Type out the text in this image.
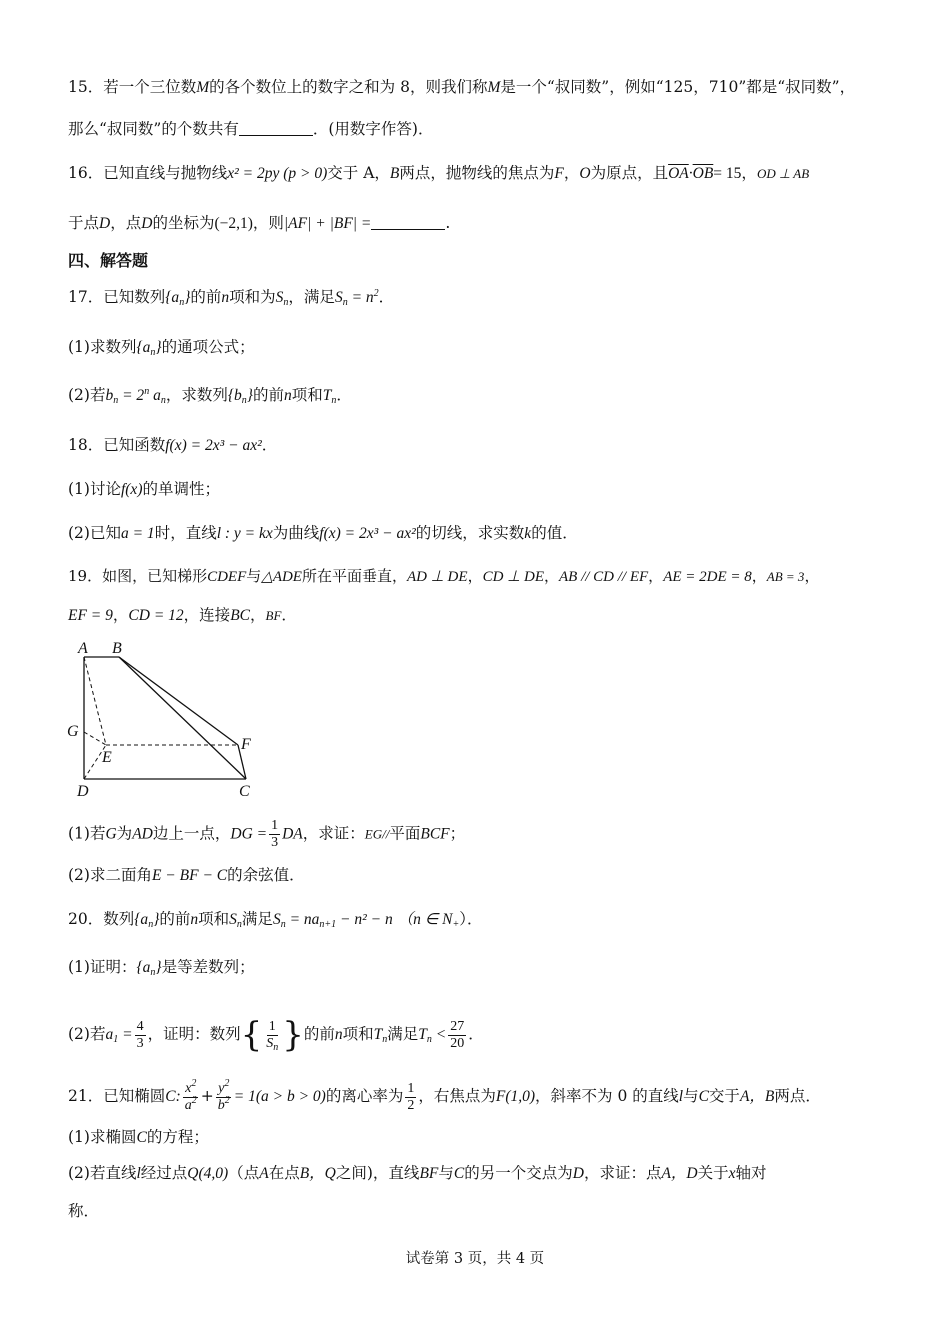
15．若一个三位数M的各个数位上的数字之和为 8，则我们称M是一个“叔同数”，例如“125，710”都是“叔同数”，
那么“叔同数”的个数共有	．(用数字作答)．
16．已知直线与抛物线x² = 2py (p > 0)交于 A，B两点，抛物线的焦点为F，O为原点，且$\overline{OA}\cdot\overline{OB}= 15$，OD ⊥ AB
于点D，点D的坐标为(−2,1)，则|AF| + |BF| =	.
四、解答题
17．已知数列$\{a_n\}$的前n项和为$S_n$，满足$S_n = n^2$．
(1)求数列$\{a_n\}$的通项公式；
(2)若$b_n = 2^n$ $a_n$，求数列$\{b_n\}$的前n项和$T_n$．
18．已知函数f(x) = 2x³ − ax²．
(1)讨论f(x)的单调性；
(2)已知a = 1时，直线l : y = kx为曲线f(x) = 2x³ − ax²的切线，求实数k的值．
19．如图，已知梯形CDEF与△ADE所在平面垂直，AD ⊥ DE，CD ⊥ DE，AB // CD // EF，AE = 2DE = 8，AB = 3，
EF = 9，CD = 12，连接BC，BF．
A B
G
E
F
D	C
(1)若G为AD边上一点，DG = $\frac{1}{3}$ DA，求证：EG//平面BCF；
(2)求二面角E − BF − C的余弦值．
20．数列$\{a_n\}$的前n项和$S_n$满足$S_n = na_{n+1} - n^2 - n$ （n ∈ $N_+$）．
(1)证明：$\{a_n\}$是等差数列；
(2)若$a_1 = \frac{4}{3}$ ，证明：数列{ $\frac{1}{S_n}$ }的前n项和$T_n$满足$T_n < \frac{27}{20}$ ．
21．已知椭圆C: $\frac{x^2}{a^2} + \frac{y^2}{b^2} = 1(a > b > 0)$的离心率为 $\frac{1}{2}$ ，右焦点为F(1,0)，斜率不为 0 的直线l与C交于A，B两点．
(1)求椭圆C的方程；
(2)若直线l经过点Q(4,0)（点A在点B，Q之间)，直线BF与C的另一个交点为D，求证：点A，D关于x轴对
称．
试卷第 3 页，共 4 页
